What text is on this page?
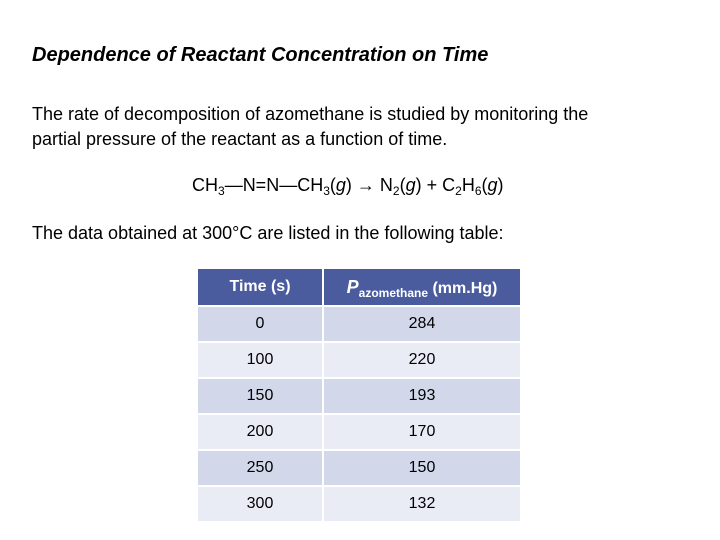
Dependence of Reactant Concentration on Time
The rate of decomposition of azomethane is studied by monitoring the
partial pressure of the reactant as a function of time.
$CH_3—N=N—CH_3(g) \to N_2(g) + C_2H_6(g)$
The data obtained at 300°C are listed in the following table:
Time (s)	$P_{azomethane}$ (mm.Hg)
0	284
100	220
150	193
200	170
250	150
300	132
